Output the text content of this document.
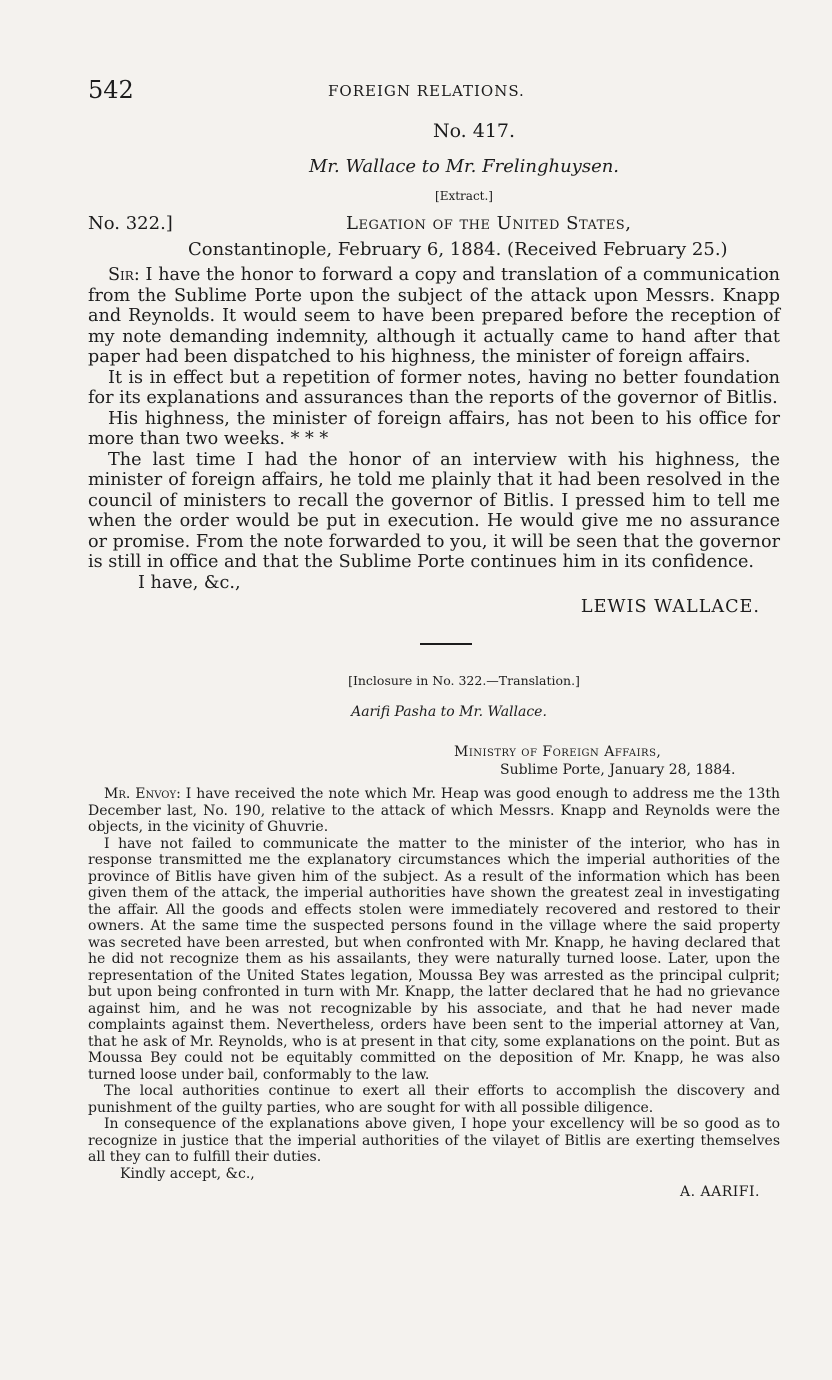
542	FOREIGN RELATIONS.
No. 417.
Mr. Wallace to Mr. Frelinghuysen.
[Extract.]
No. 322.]	Legation of the United States,
Constantinople, February 6, 1884. (Received February 25.)

Sir: I have the honor to forward a copy and translation of a communication from the Sublime Porte upon the subject of the attack upon Messrs. Knapp and Reynolds. It would seem to have been prepared before the reception of my note demanding indemnity, although it actually came to hand after that paper had been dispatched to his highness, the minister of foreign affairs.

It is in effect but a repetition of former notes, having no better foundation for its explanations and assurances than the reports of the governor of Bitlis.

His highness, the minister of foreign affairs, has not been to his office for more than two weeks. * * *

The last time I had the honor of an interview with his highness, the minister of foreign affairs, he told me plainly that it had been resolved in the council of ministers to recall the governor of Bitlis. I pressed him to tell me when the order would be put in execution. He would give me no assurance or promise. From the note forwarded to you, it will be seen that the governor is still in office and that the Sublime Porte continues him in its confidence.

I have, &c.,
LEWIS WALLACE.
[Inclosure in No. 322.—Translation.]
Aarifi Pasha to Mr. Wallace.
Ministry of Foreign Affairs,
Sublime Porte, January 28, 1884.

Mr. Envoy: I have received the note which Mr. Heap was good enough to address me the 13th December last, No. 190, relative to the attack of which Messrs. Knapp and Reynolds were the objects, in the vicinity of Ghuvrie.

I have not failed to communicate the matter to the minister of the interior, who has in response transmitted me the explanatory circumstances which the imperial authorities of the province of Bitlis have given him of the subject. As a result of the information which has been given them of the attack, the imperial authorities have shown the greatest zeal in investigating the affair. All the goods and effects stolen were immediately recovered and restored to their owners. At the same time the suspected persons found in the village where the said property was secreted have been arrested, but when confronted with Mr. Knapp, he having declared that he did not recognize them as his assailants, they were naturally turned loose. Later, upon the representation of the United States legation, Moussa Bey was arrested as the principal culprit; but upon being confronted in turn with Mr. Knapp, the latter declared that he had no grievance against him, and he was not recognizable by his associate, and that he had never made complaints against them. Nevertheless, orders have been sent to the imperial attorney at Van, that he ask of Mr. Reynolds, who is at present in that city, some explanations on the point. But as Moussa Bey could not be equitably committed on the deposition of Mr. Knapp, he was also turned loose under bail, conformably to the law.

The local authorities continue to exert all their efforts to accomplish the discovery and punishment of the guilty parties, who are sought for with all possible diligence.

In consequence of the explanations above given, I hope your excellency will be so good as to recognize in justice that the imperial authorities of the vilayet of Bitlis are exerting themselves all they can to fulfill their duties.

Kindly accept, &c.,
A. AARIFI.
